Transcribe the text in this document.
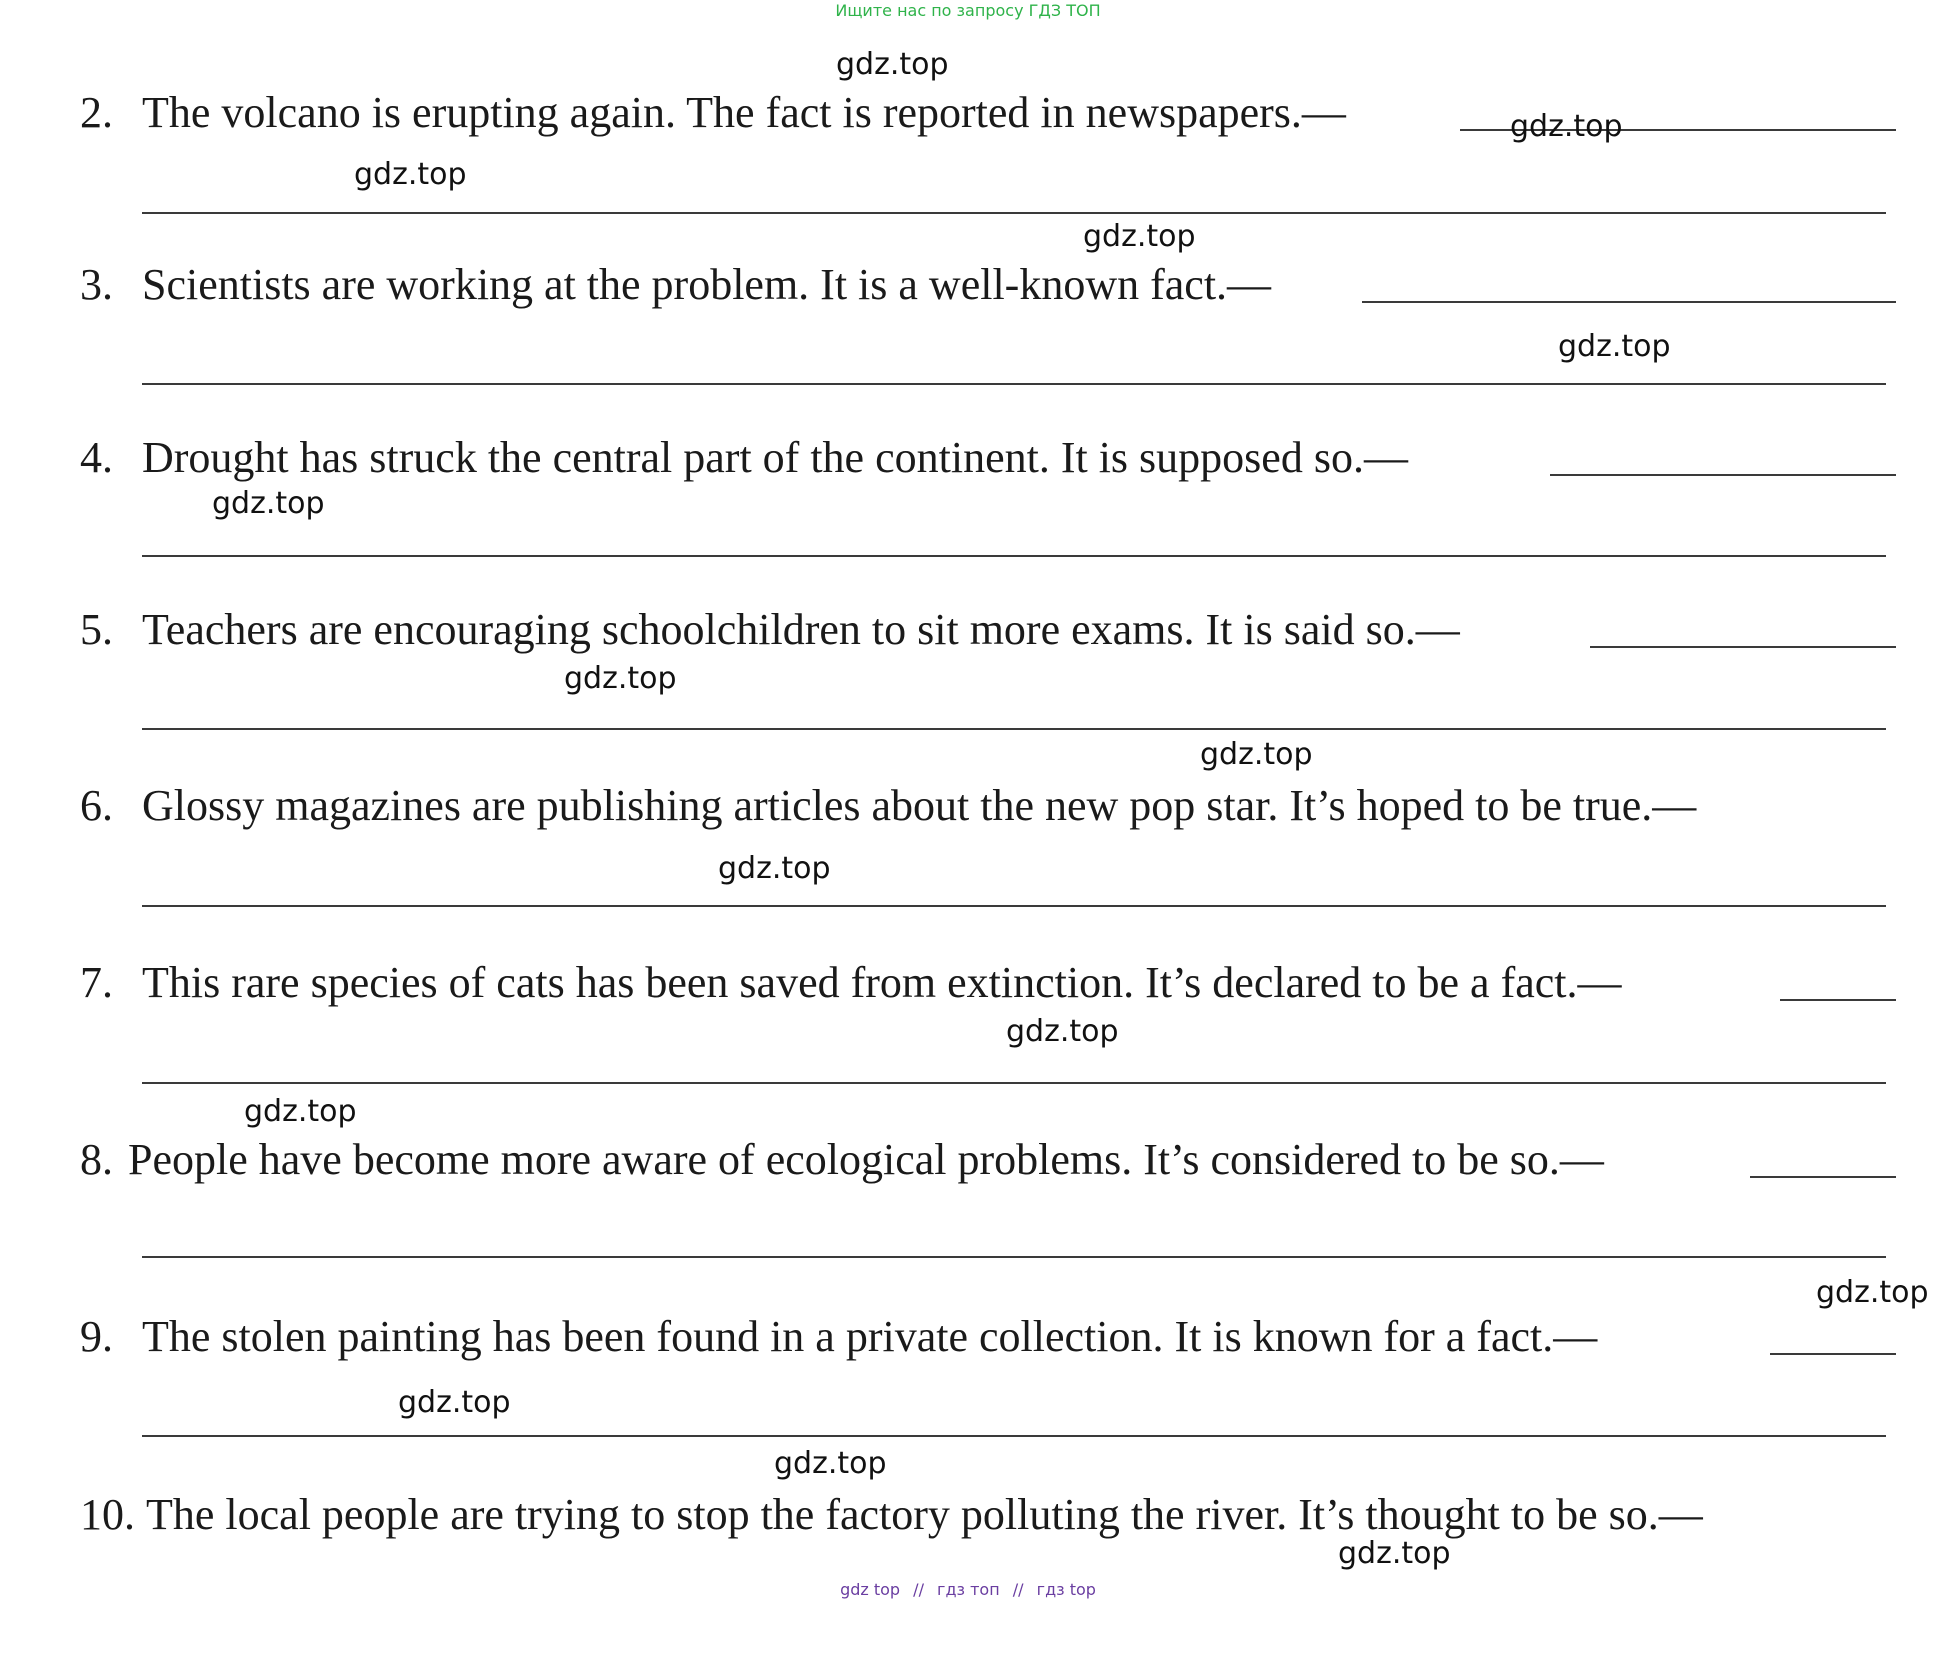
Ищите нас по запросу ГДЗ ТОП
2. The volcano is erupting again. The fact is reported in newspapers.—
3. Scientists are working at the problem. It is a well-known fact.—
4. Drought has struck the central part of the continent. It is supposed so.—
5. Teachers are encouraging schoolchildren to sit more exams. It is said so.—
6. Glossy magazines are publishing articles about the new pop star. It’s hoped to be true.—
7. This rare species of cats has been saved from extinction. It’s declared to be a fact.—
8. People have become more aware of ecological problems. It’s considered to be so.—
9. The stolen painting has been found in a private collection. It is known for a fact.—
10. The local people are trying to stop the factory polluting the river. It’s thought to be so.—
gdz.top
gdz.top
gdz.top
gdz.top
gdz.top
gdz.top
gdz.top
gdz.top
gdz.top
gdz.top
gdz.top
gdz.top
gdz.top
gdz.top
gdz.top
gdz top // гдз топ // гдз top
